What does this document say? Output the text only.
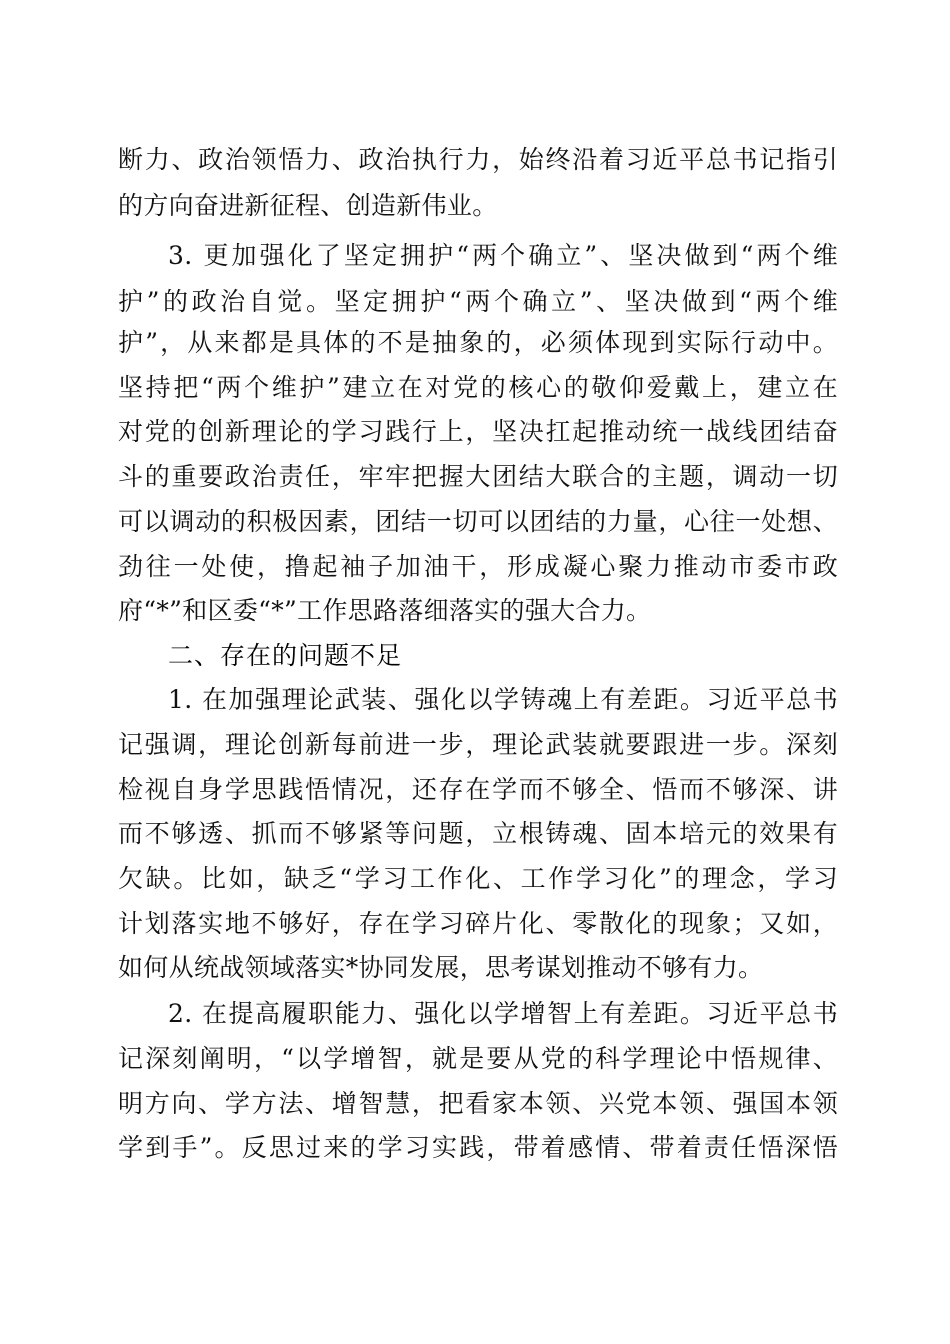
断力、政治领悟力、政治执行力，始终沿着习近平总书记指引
的方向奋进新征程、创造新伟业。
3. 更加强化了坚定拥护“两个确立”、坚决做到“两个维
护”的政治自觉。坚定拥护“两个确立”、坚决做到“两个维
护”，从来都是具体的不是抽象的，必须体现到实际行动中。
坚持把“两个维护”建立在对党的核心的敬仰爱戴上，建立在
对党的创新理论的学习践行上，坚决扛起推动统一战线团结奋
斗的重要政治责任，牢牢把握大团结大联合的主题，调动一切
可以调动的积极因素，团结一切可以团结的力量，心往一处想、
劲往一处使，撸起袖子加油干，形成凝心聚力推动市委市政
府“*”和区委“*”工作思路落细落实的强大合力。
二、存在的问题不足
1. 在加强理论武装、强化以学铸魂上有差距。习近平总书
记强调，理论创新每前进一步，理论武装就要跟进一步。深刻
检视自身学思践悟情况，还存在学而不够全、悟而不够深、讲
而不够透、抓而不够紧等问题，立根铸魂、固本培元的效果有
欠缺。比如，缺乏“学习工作化、工作学习化”的理念，学习
计划落实地不够好，存在学习碎片化、零散化的现象；又如，
如何从统战领域落实*协同发展，思考谋划推动不够有力。
2. 在提高履职能力、强化以学增智上有差距。习近平总书
记深刻阐明，“以学增智，就是要从党的科学理论中悟规律、
明方向、学方法、增智慧，把看家本领、兴党本领、强国本领
学到手”。反思过来的学习实践，带着感情、带着责任悟深悟
